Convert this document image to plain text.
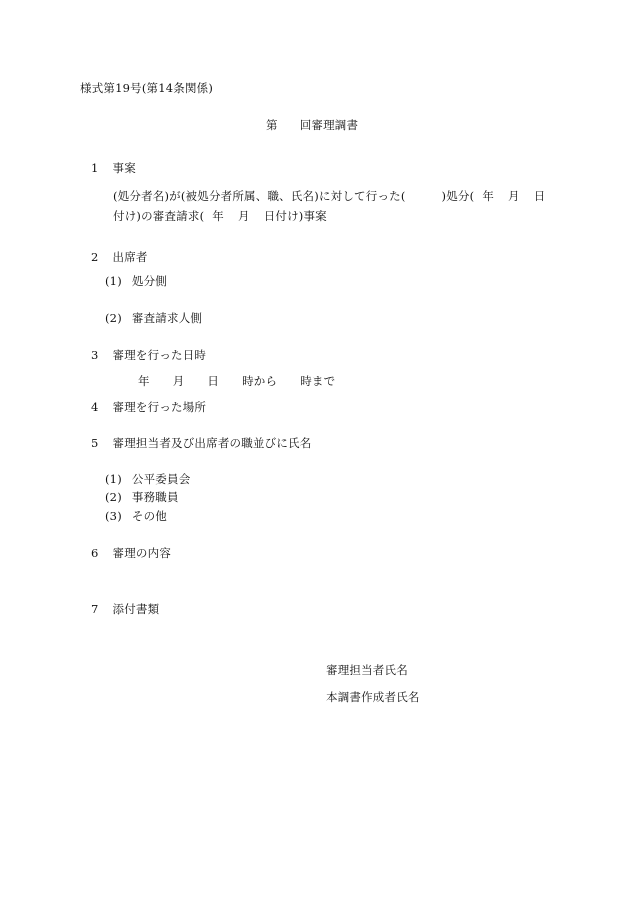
様式第19号(第14条関係)
第 回審理調書
1 事案
(処分者名)が(被処分者所属、職、氏名)に対して行った(	)処分( 年 月 日
付け)の審査請求( 年 月 日付け)事案
2 出席者
(1) 処分側
(2) 審査請求人側
3 審理を行った日時
年 月 日 時から 時まで
4 審理を行った場所
5 審理担当者及び出席者の職並びに氏名
(1) 公平委員会
(2) 事務職員
(3) その他
6 審理の内容
7 添付書類
審理担当者氏名
本調書作成者氏名
